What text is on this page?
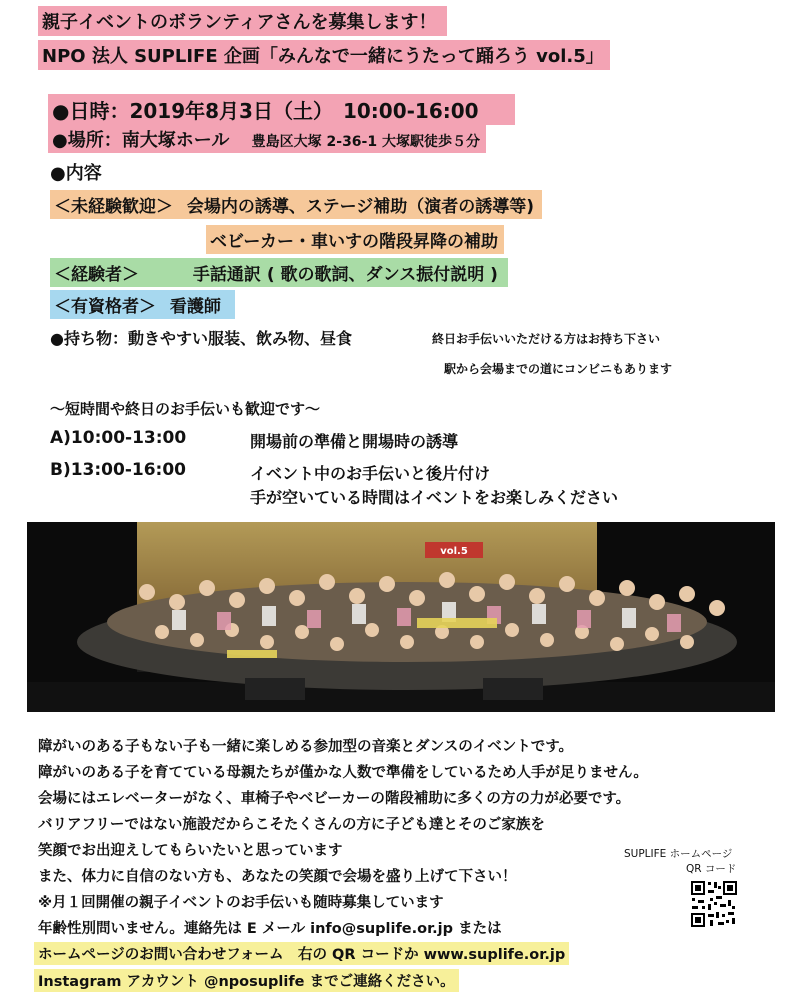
親子イベントのボランティアさんを募集します！
NPO 法人 SUPLIFE 企画「みんなで一緒にうたって踊ろう vol.5」
●日時：2019年8月3日（土）　10:00-16:00
●場所：南大塚ホール 豊島区大塚 2-36-1 大塚駅徒歩５分
●内容
＜未経験歓迎＞ 会場内の誘導、ステージ補助（演者の誘導等)
ベビーカー・車いすの階段昇降の補助
＜経験者＞	手話通訳 ( 歌の歌詞、ダンス振付説明 )
＜有資格者＞ 看護師
●持ち物：動きやすい服装、飲み物、昼食	終日お手伝いいただける方はお持ち下さい
駅から会場までの道にコンビニもあります
〜短時間や終日のお手伝いも歓迎です〜
A)10:00-13:00	開場前の準備と開場時の誘導
B)13:00-16:00	イベント中のお手伝いと後片付け
手が空いている時間はイベントをお楽しみください
vol.5
障がいのある子もない子も一緒に楽しめる参加型の音楽とダンスのイベントです。
障がいのある子を育てている母親たちが僅かな人数で準備をしているため人手が足りません。
会場にはエレベーターがなく、車椅子やベビーカーの階段補助に多くの方の力が必要です。
バリアフリーではない施設だからこそたくさんの方に子ども達とそのご家族を
笑顔でお出迎えしてもらいたいと思っています
また、体力に自信のない方も、あなたの笑顔で会場を盛り上げて下さい！
※月１回開催の親子イベントのお手伝いも随時募集しています
年齢性別問いません。連絡先は E メール info@suplife.or.jp または
ホームページのお問い合わせフォーム　右の QR コードか www.suplife.or.jp
Instagram アカウント @nposuplife までご連絡ください。
SUPLIFE ホームページ
QR コード
